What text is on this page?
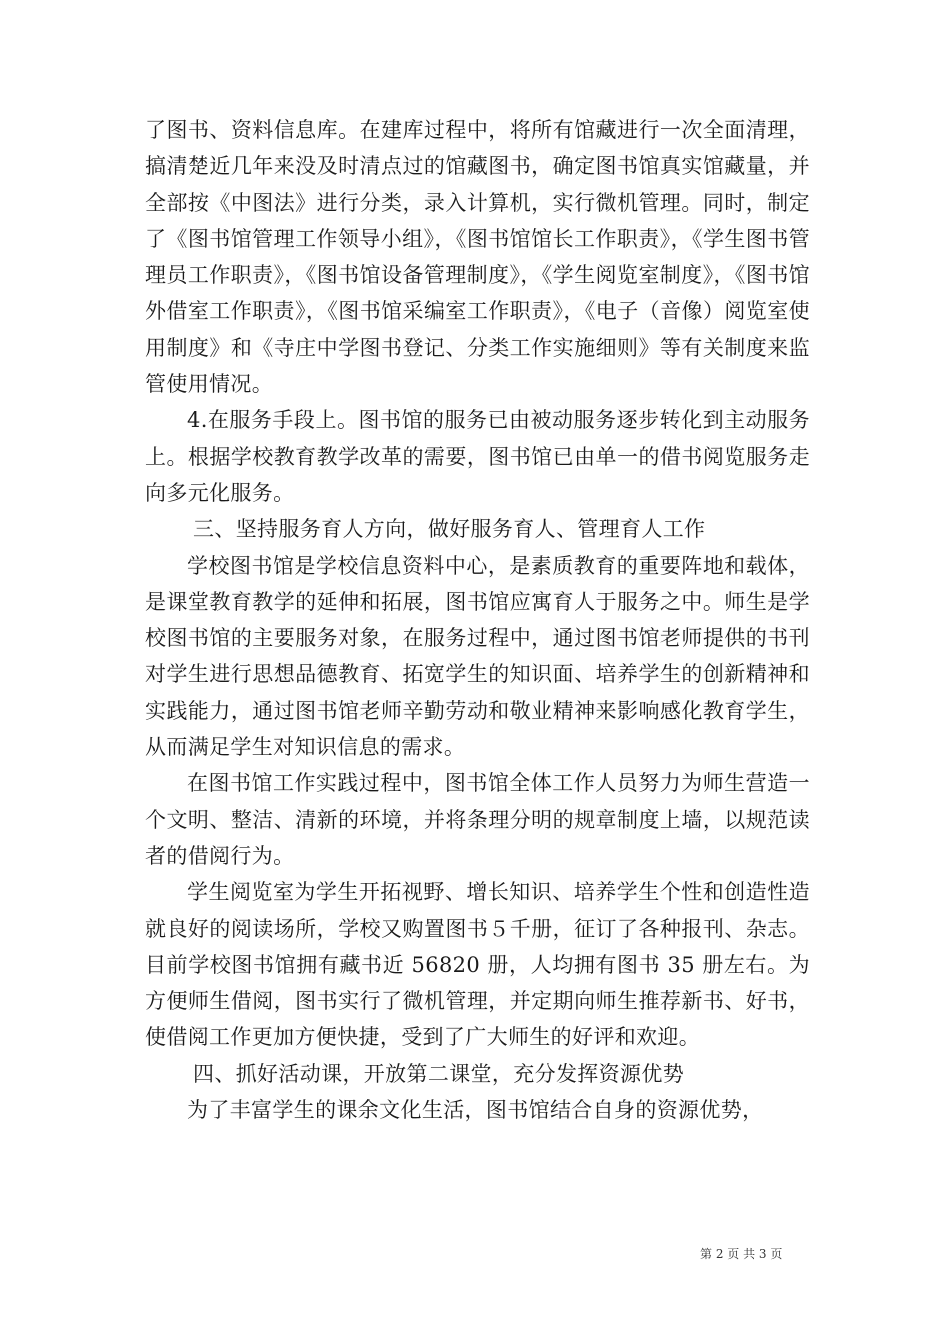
了图书、资料信息库。在建库过程中，将所有馆藏进行一次全面清理，搞清楚近几年来没及时清点过的馆藏图书，确定图书馆真实馆藏量，并全部按《中图法》进行分类，录入计算机，实行微机管理。同时，制定了《图书馆管理工作领导小组》，《图书馆馆长工作职责》，《学生图书管理员工作职责》，《图书馆设备管理制度》，《学生阅览室制度》，《图书馆外借室工作职责》，《图书馆采编室工作职责》，《电子（音像）阅览室使用制度》和《寺庄中学图书登记、分类工作实施细则》等有关制度来监管使用情况。

4.在服务手段上。图书馆的服务已由被动服务逐步转化到主动服务上。根据学校教育教学改革的需要，图书馆已由单一的借书阅览服务走向多元化服务。

三、坚持服务育人方向，做好服务育人、管理育人工作

学校图书馆是学校信息资料中心，是素质教育的重要阵地和载体，是课堂教育教学的延伸和拓展，图书馆应寓育人于服务之中。师生是学校图书馆的主要服务对象，在服务过程中，通过图书馆老师提供的书刊对学生进行思想品德教育、拓宽学生的知识面、培养学生的创新精神和实践能力，通过图书馆老师辛勤劳动和敬业精神来影响感化教育学生，从而满足学生对知识信息的需求。

在图书馆工作实践过程中，图书馆全体工作人员努力为师生营造一个文明、整洁、清新的环境，并将条理分明的规章制度上墙，以规范读者的借阅行为。

学生阅览室为学生开拓视野、增长知识、培养学生个性和创造性造就良好的阅读场所，学校又购置图书５千册，征订了各种报刊、杂志。目前学校图书馆拥有藏书近 56820 册，人均拥有图书 35 册左右。为方便师生借阅，图书实行了微机管理，并定期向师生推荐新书、好书，使借阅工作更加方便快捷，受到了广大师生的好评和欢迎。

四、抓好活动课，开放第二课堂，充分发挥资源优势

为了丰富学生的课余文化生活，图书馆结合自身的资源优势，

第 2 页 共 3 页
